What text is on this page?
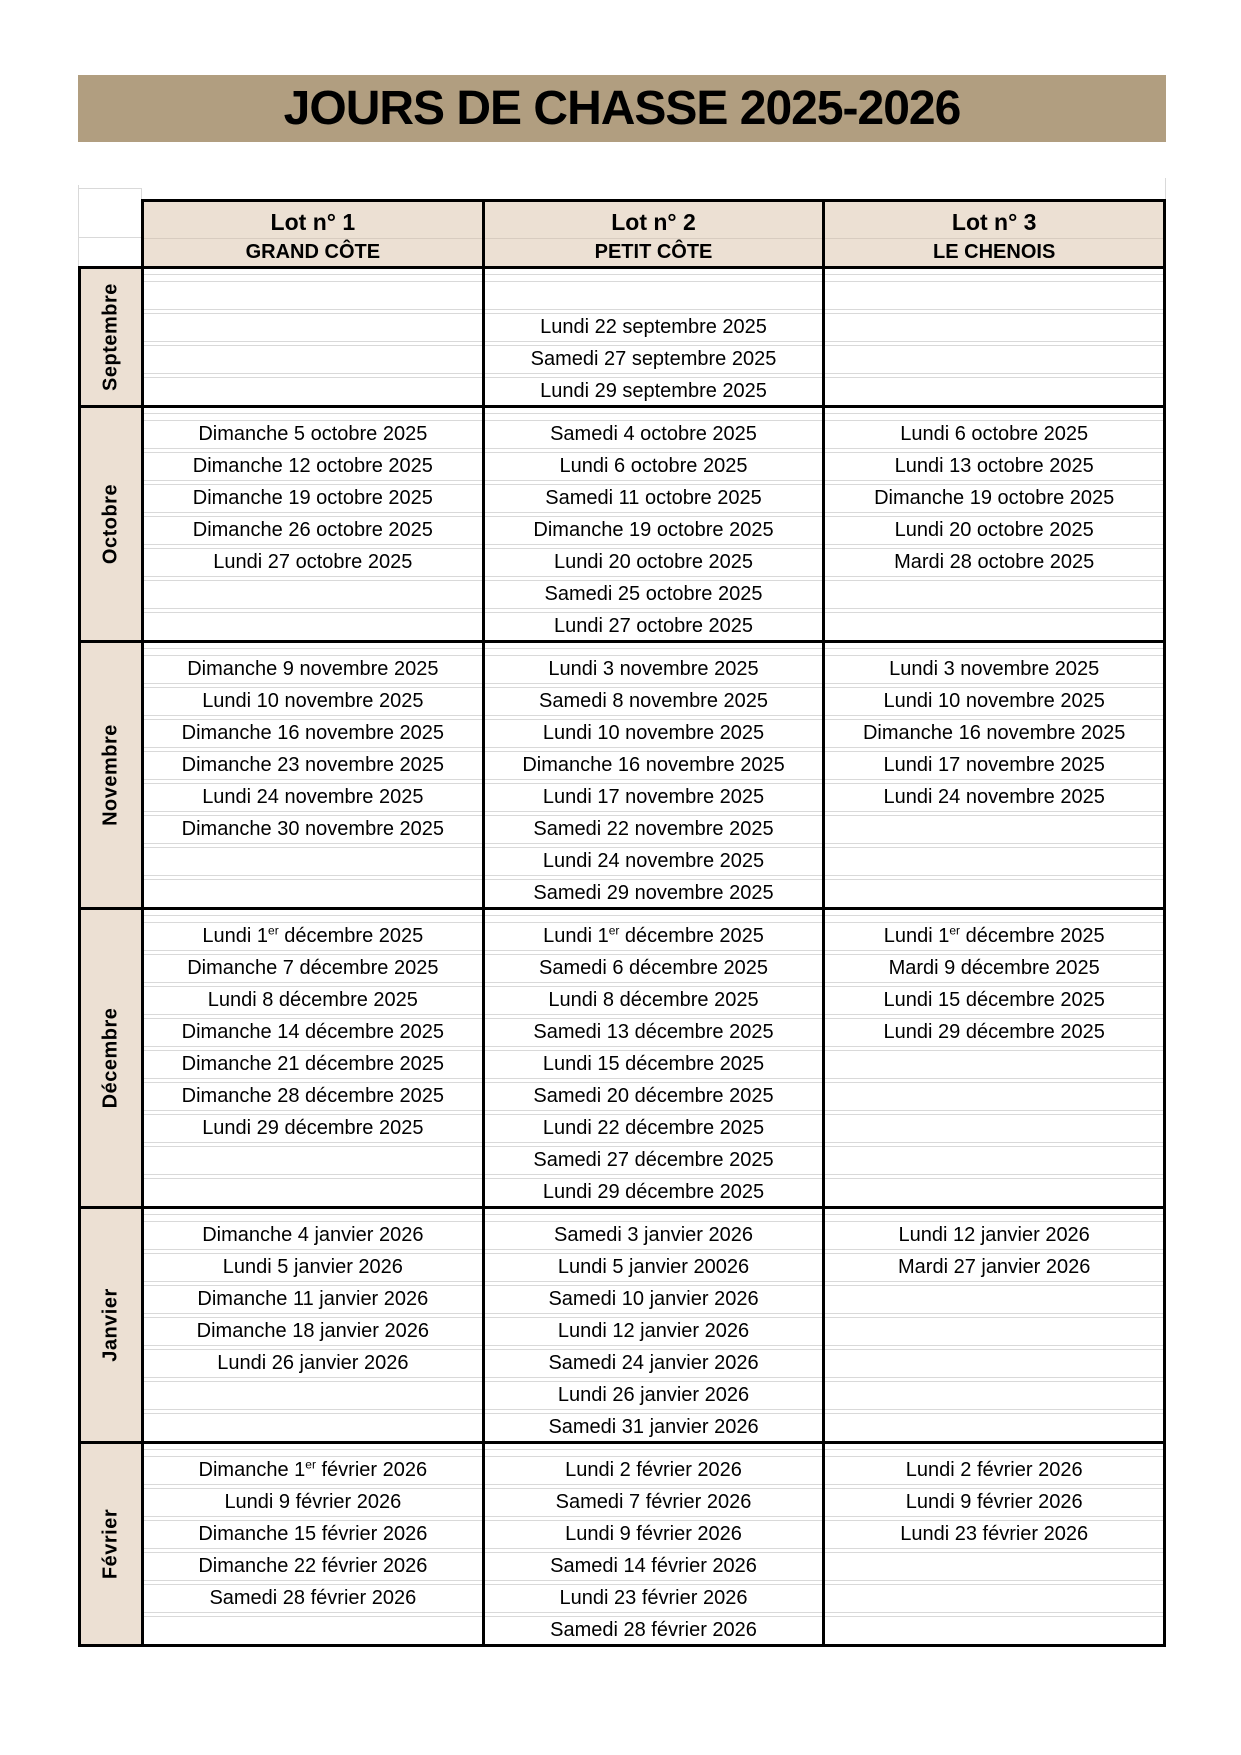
JOURS DE CHASSE 2025-2026
Lot n° 1
GRAND CÔTE
Lot n° 2
PETIT CÔTE
Lot n° 3
LE CHENOIS
Septembre

	Lundi 22 septembre 2025
Samedi 27 septembre 2025
Lundi 29 septembre 2025

Octobre
Dimanche 5 octobre 2025
Dimanche 12 octobre 2025
Dimanche 19 octobre 2025
Dimanche 26 octobre 2025
Lundi 27 octobre 2025

Samedi 4 octobre 2025
Lundi 6 octobre 2025
Samedi 11 octobre 2025
Dimanche 19 octobre 2025
Lundi 20 octobre 2025
Samedi 25 octobre 2025
Lundi 27 octobre 2025
Lundi 6 octobre 2025
Lundi 13 octobre 2025
Dimanche 19 octobre 2025
Lundi 20 octobre 2025
Mardi 28 octobre 2025

Novembre
Dimanche 9 novembre 2025
Lundi 10 novembre 2025
Dimanche 16 novembre 2025
Dimanche 23 novembre 2025
Lundi 24 novembre 2025
Dimanche 30 novembre 2025

Lundi 3 novembre 2025
Samedi 8 novembre 2025
Lundi 10 novembre 2025
Dimanche 16 novembre 2025
Lundi 17 novembre 2025
Samedi 22 novembre 2025
Lundi 24 novembre 2025
Samedi 29 novembre 2025
Lundi 3 novembre 2025
Lundi 10 novembre 2025
Dimanche 16 novembre 2025
Lundi 17 novembre 2025
Lundi 24 novembre 2025

Décembre
Lundi 1er décembre 2025
Dimanche 7 décembre 2025
Lundi 8 décembre 2025
Dimanche 14 décembre 2025
Dimanche 21 décembre 2025
Dimanche 28 décembre 2025
Lundi 29 décembre 2025

Lundi 1er décembre 2025
Samedi 6 décembre 2025
Lundi 8 décembre 2025
Samedi 13 décembre 2025
Lundi 15 décembre 2025
Samedi 20 décembre 2025
Lundi 22 décembre 2025
Samedi 27 décembre 2025
Lundi 29 décembre 2025
Lundi 1er décembre 2025
Mardi 9 décembre 2025
Lundi 15 décembre 2025
Lundi 29 décembre 2025

Janvier
Dimanche 4 janvier 2026
Lundi 5 janvier 2026
Dimanche 11 janvier 2026
Dimanche 18 janvier 2026
Lundi 26 janvier 2026

Samedi 3 janvier 2026
Lundi 5 janvier 20026
Samedi 10 janvier 2026
Lundi 12 janvier 2026
Samedi 24 janvier 2026
Lundi 26 janvier 2026
Samedi 31 janvier 2026
Lundi 12 janvier 2026
Mardi 27 janvier 2026

Février
Dimanche 1er février 2026
Lundi 9 février 2026
Dimanche 15 février 2026
Dimanche 22 février 2026
Samedi 28 février 2026

Lundi 2 février 2026
Samedi 7 février 2026
Lundi 9 février 2026
Samedi 14 février 2026
Lundi 23 février 2026
Samedi 28 février 2026
Lundi 2 février 2026
Lundi 9 février 2026
Lundi 23 février 2026
